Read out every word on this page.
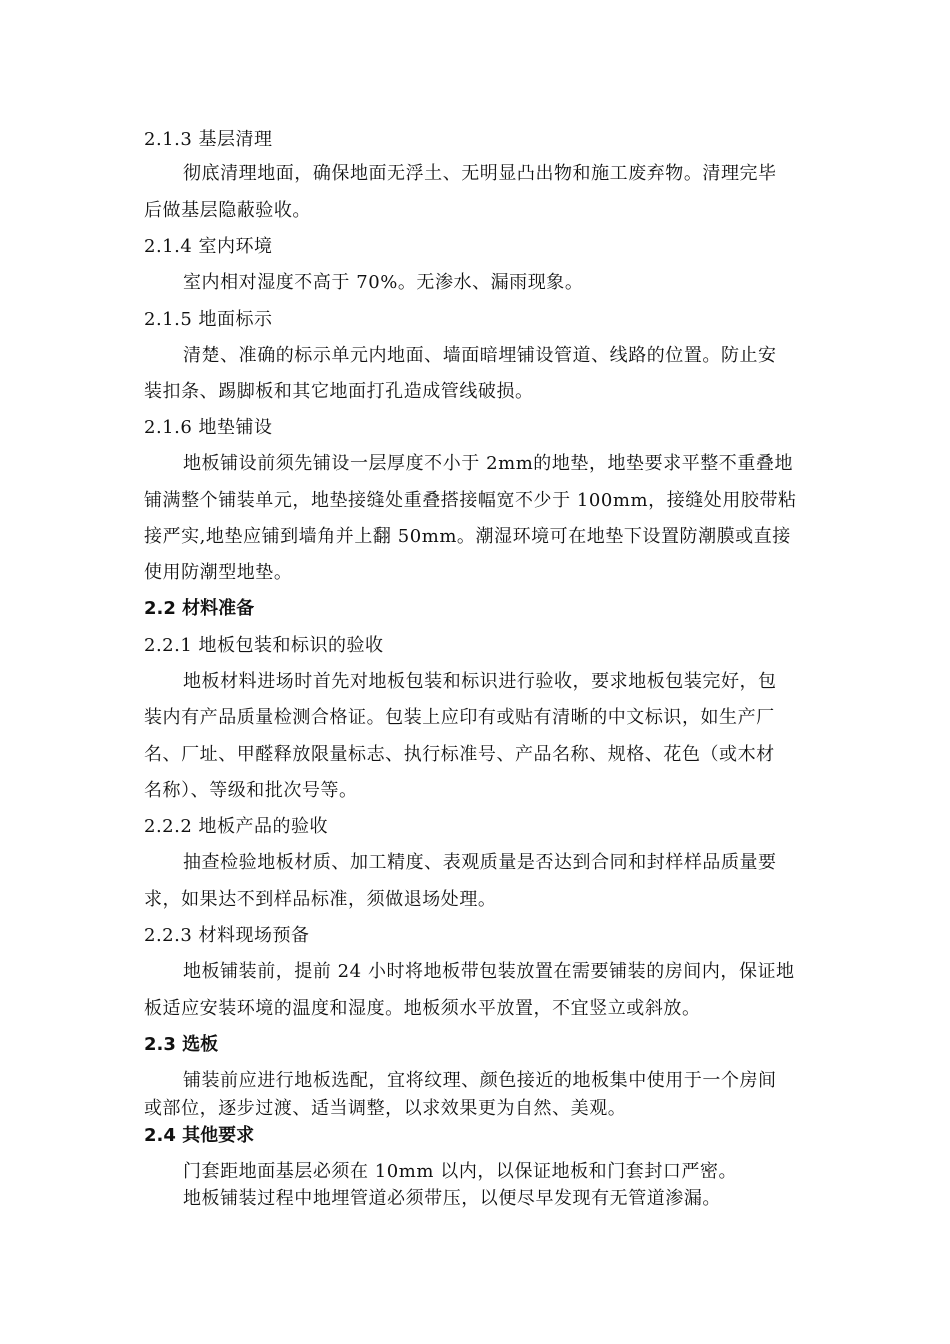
2.1.3 基层清理
彻底清理地面，确保地面无浮土、无明显凸出物和施工废弃物。清理完毕
后做基层隐蔽验收。
2.1.4 室内环境
室内相对湿度不高于 70%。无渗水、漏雨现象。
2.1.5 地面标示
清楚、准确的标示单元内地面、墙面暗埋铺设管道、线路的位置。防止安
装扣条、踢脚板和其它地面打孔造成管线破损。
2.1.6 地垫铺设
地板铺设前须先铺设一层厚度不小于 2mm的地垫，地垫要求平整不重叠地
铺满整个铺装单元，地垫接缝处重叠搭接幅宽不少于 100mm，接缝处用胶带粘
接严实,地垫应铺到墙角并上翻 50mm。潮湿环境可在地垫下设置防潮膜或直接
使用防潮型地垫。
2.2 材料准备
2.2.1 地板包装和标识的验收
地板材料进场时首先对地板包装和标识进行验收，要求地板包装完好，包
装内有产品质量检测合格证。包装上应印有或贴有清晰的中文标识，如生产厂
名、厂址、甲醛释放限量标志、执行标准号、产品名称、规格、花色（或木材
名称）、等级和批次号等。
2.2.2 地板产品的验收
抽查检验地板材质、加工精度、表观质量是否达到合同和封样样品质量要
求，如果达不到样品标准，须做退场处理。
2.2.3 材料现场预备
地板铺装前，提前 24 小时将地板带包装放置在需要铺装的房间内，保证地
板适应安装环境的温度和湿度。地板须水平放置，不宜竖立或斜放。
2.3 选板
铺装前应进行地板选配，宜将纹理、颜色接近的地板集中使用于一个房间
或部位，逐步过渡、适当调整，以求效果更为自然、美观。
2.4 其他要求
门套距地面基层必须在 10mm 以内，以保证地板和门套封口严密。
地板铺装过程中地埋管道必须带压，以便尽早发现有无管道渗漏。
